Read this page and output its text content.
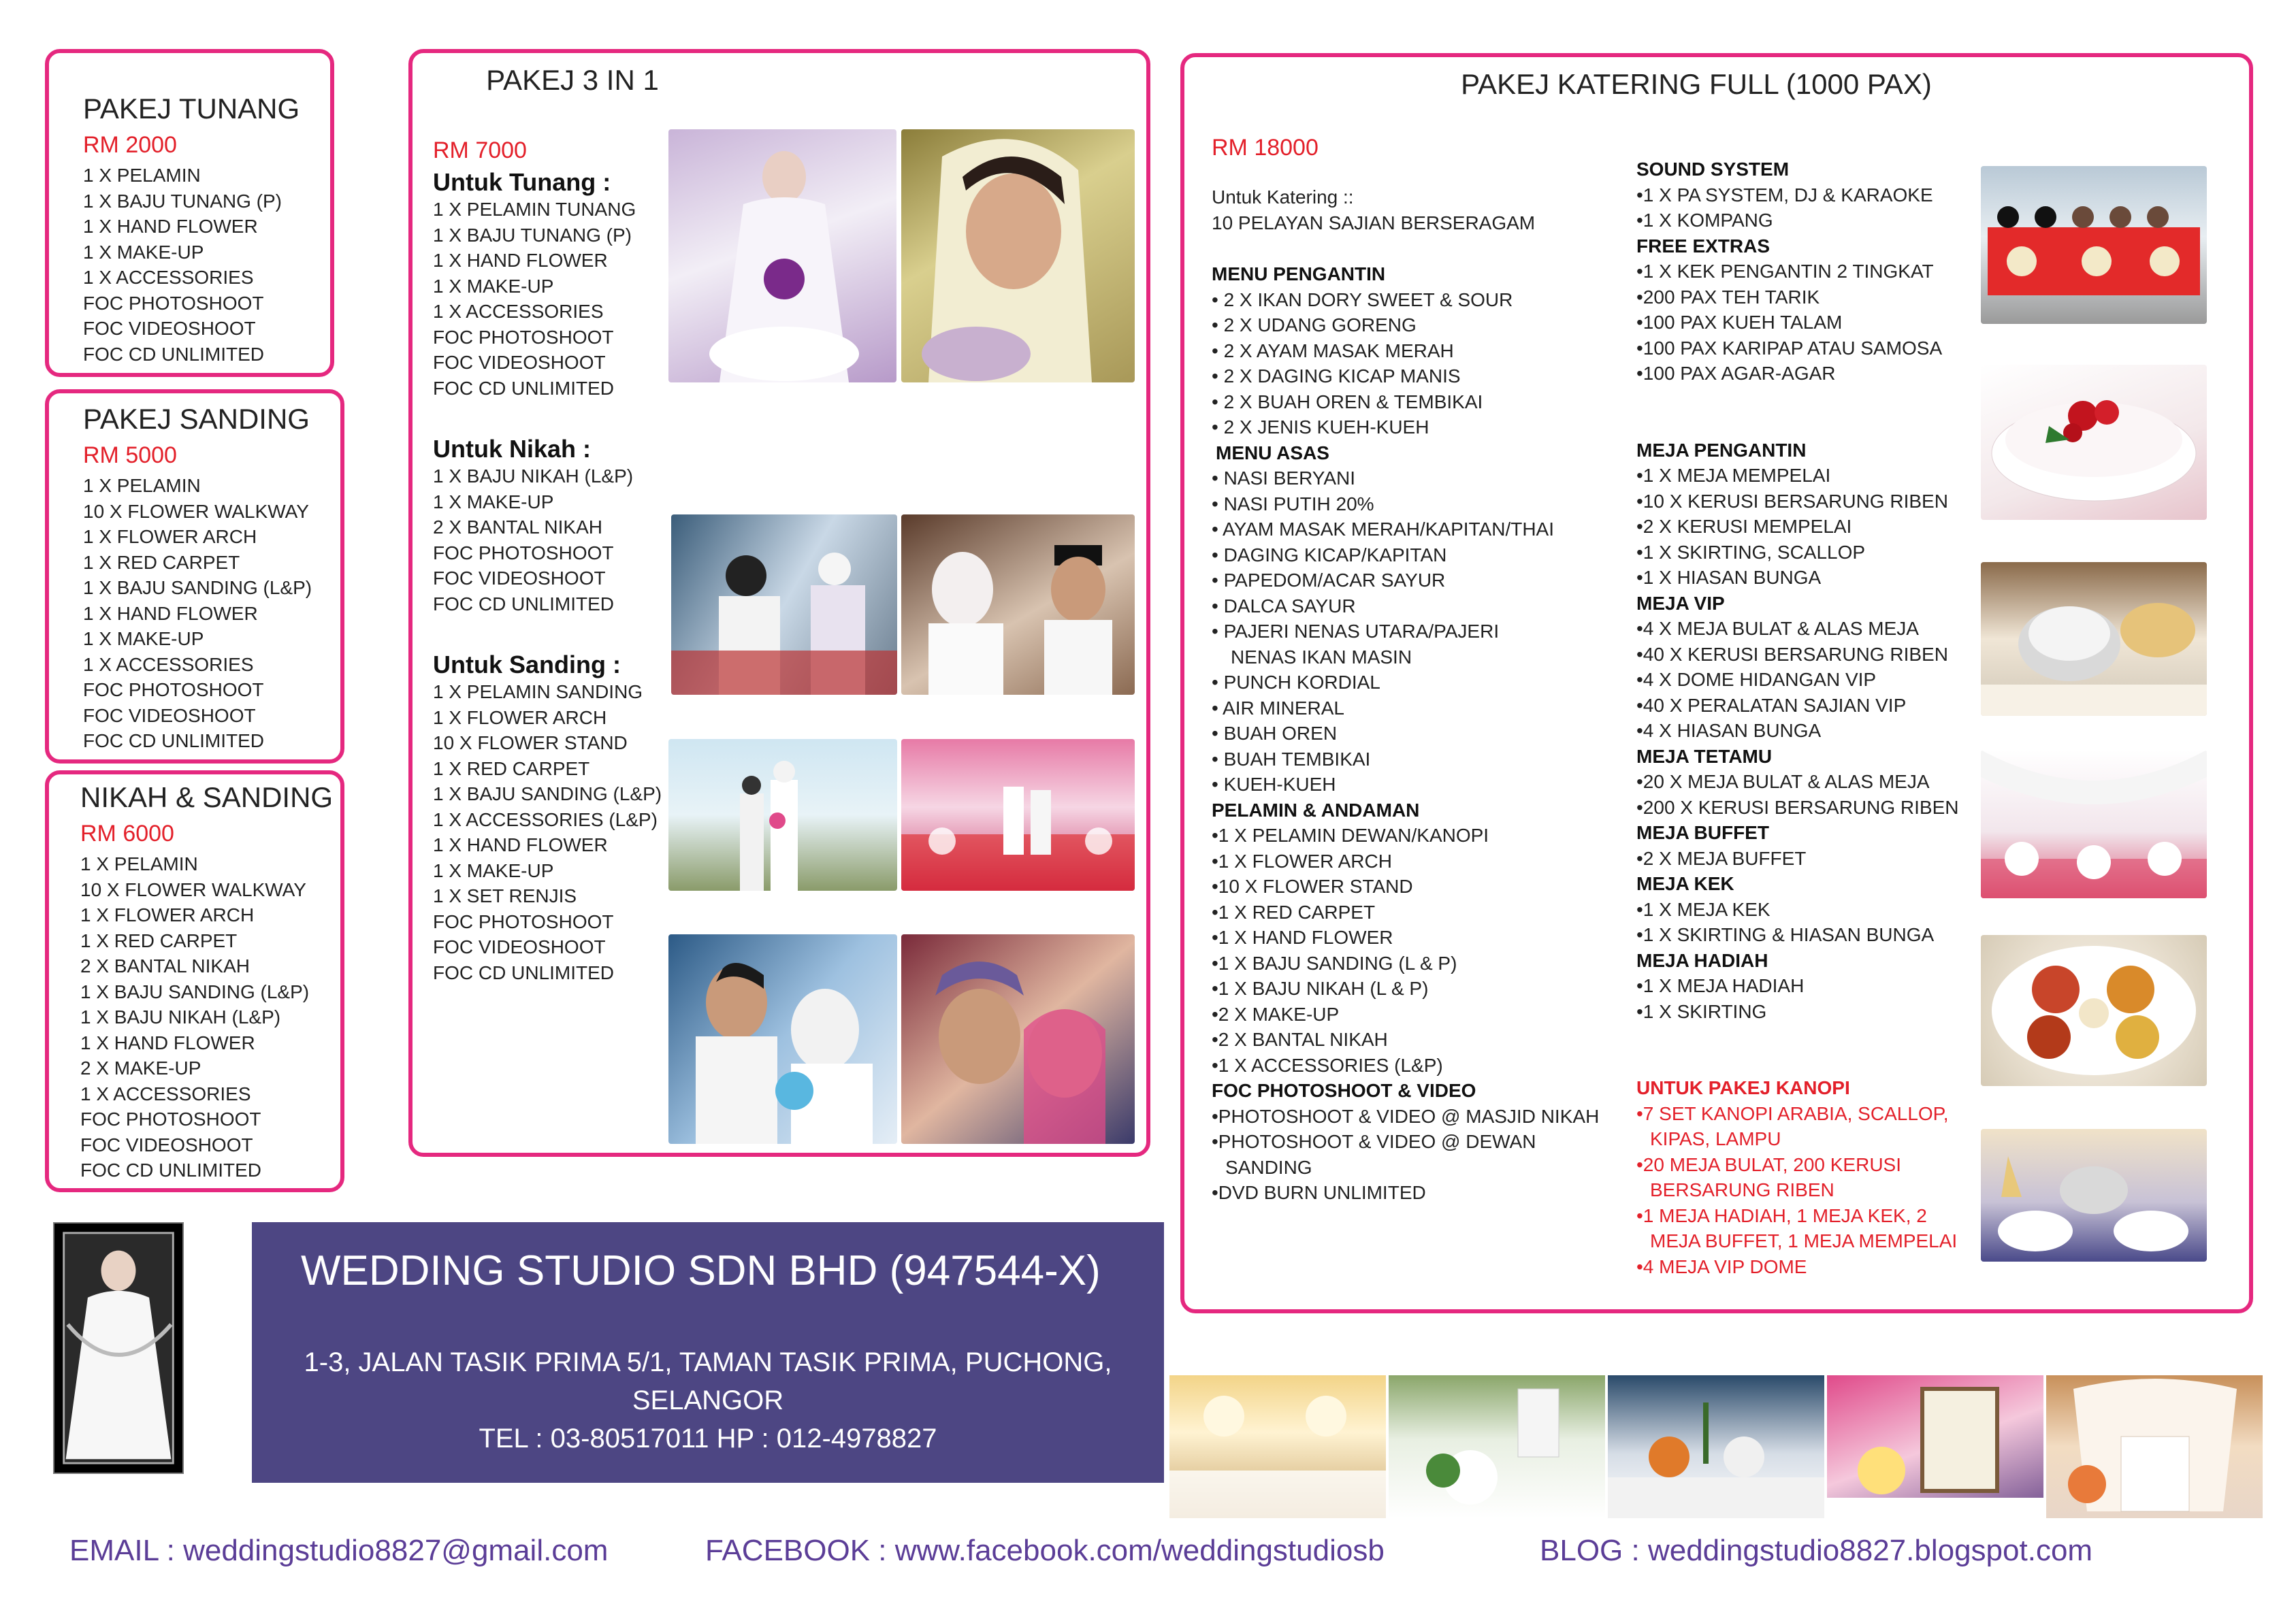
PAKEJ TUNANG
RM 2000
1 X PELAMIN
1 X BAJU TUNANG (P)
1 X HAND FLOWER
1 X MAKE-UP
1 X ACCESSORIES
FOC PHOTOSHOOT
FOC VIDEOSHOOT
FOC CD UNLIMITED
PAKEJ SANDING
RM 5000
1 X PELAMIN
10 X FLOWER WALKWAY
1 X FLOWER ARCH
1 X RED CARPET
1 X BAJU SANDING (L&P)
1 X HAND FLOWER
1 X MAKE-UP
1 X ACCESSORIES
FOC PHOTOSHOOT
FOC VIDEOSHOOT
FOC CD UNLIMITED
NIKAH & SANDING
RM 6000
1 X PELAMIN
10 X FLOWER WALKWAY
1 X FLOWER ARCH
1 X RED CARPET
2 X BANTAL NIKAH
1 X BAJU SANDING (L&P)
1 X BAJU NIKAH (L&P)
1 X HAND FLOWER
2 X MAKE-UP
1 X ACCESSORIES
FOC PHOTOSHOOT
FOC VIDEOSHOOT
FOC CD UNLIMITED
PAKEJ 3 IN 1
RM 7000
Untuk Tunang :
1 X PELAMIN TUNANG
1 X BAJU TUNANG (P)
1 X HAND FLOWER
1 X MAKE-UP
1 X ACCESSORIES
FOC PHOTOSHOOT
FOC VIDEOSHOOT
FOC CD UNLIMITED
Untuk Nikah :
1 X BAJU NIKAH (L&P)
1 X MAKE-UP
2 X BANTAL NIKAH
FOC PHOTOSHOOT
FOC VIDEOSHOOT
FOC CD UNLIMITED
Untuk Sanding :
1 X PELAMIN SANDING
1 X FLOWER ARCH
10 X FLOWER STAND
1 X RED CARPET
1 X BAJU SANDING (L&P)
1 X ACCESSORIES (L&P)
1 X HAND FLOWER
1 X MAKE-UP
1 X SET RENJIS
FOC PHOTOSHOOT
FOC VIDEOSHOOT
FOC CD UNLIMITED
PAKEJ KATERING FULL (1000 PAX)
RM 18000
Untuk Katering ::
10 PELAYAN SAJIAN BERSERAGAM
MENU PENGANTIN
• 2 X IKAN DORY SWEET & SOUR
• 2 X UDANG GORENG
• 2 X AYAM MASAK MERAH
• 2 X DAGING KICAP MANIS
• 2 X BUAH OREN & TEMBIKAI
• 2 X JENIS KUEH-KUEH
MENU ASAS
• NASI BERYANI
• NASI PUTIH 20%
• AYAM MASAK MERAH/KAPITAN/THAI
• DAGING KICAP/KAPITAN
• PAPEDOM/ACAR SAYUR
• DALCA SAYUR
• PAJERI NENAS UTARA/PAJERI
NENAS IKAN MASIN
• PUNCH KORDIAL
• AIR MINERAL
• BUAH OREN
• BUAH TEMBIKAI
• KUEH-KUEH
PELAMIN & ANDAMAN
•1 X PELAMIN DEWAN/KANOPI
•1 X FLOWER ARCH
•10 X FLOWER STAND
•1 X RED CARPET
•1 X HAND FLOWER
•1 X BAJU SANDING (L & P)
•1 X BAJU NIKAH (L & P)
•2 X MAKE-UP
•2 X BANTAL NIKAH
•1 X ACCESSORIES (L&P)
FOC PHOTOSHOOT & VIDEO
•PHOTOSHOOT & VIDEO @ MASJID NIKAH
•PHOTOSHOOT & VIDEO @ DEWAN
SANDING
•DVD BURN UNLIMITED
SOUND SYSTEM
•1 X PA SYSTEM, DJ & KARAOKE
•1 X KOMPANG
FREE EXTRAS
•1 X KEK PENGANTIN 2 TINGKAT
•200 PAX TEH TARIK
•100 PAX KUEH TALAM
•100 PAX KARIPAP ATAU SAMOSA
•100 PAX AGAR-AGAR
MEJA PENGANTIN
•1 X MEJA MEMPELAI
•10 X KERUSI BERSARUNG RIBEN
•2 X KERUSI MEMPELAI
•1 X SKIRTING, SCALLOP
•1 X HIASAN BUNGA
MEJA VIP
•4 X MEJA BULAT & ALAS MEJA
•40 X KERUSI BERSARUNG RIBEN
•4 X DOME HIDANGAN VIP
•40 X PERALATAN SAJIAN VIP
•4 X HIASAN BUNGA
MEJA TETAMU
•20 X MEJA BULAT & ALAS MEJA
•200 X KERUSI BERSARUNG RIBEN
MEJA BUFFET
•2 X MEJA BUFFET
MEJA KEK
•1 X MEJA KEK
•1 X SKIRTING & HIASAN BUNGA
MEJA HADIAH
•1 X MEJA HADIAH
•1 X SKIRTING
UNTUK PAKEJ KANOPI
•7 SET KANOPI ARABIA, SCALLOP,
KIPAS, LAMPU
•20 MEJA BULAT, 200 KERUSI
BERSARUNG RIBEN
•1 MEJA HADIAH, 1 MEJA KEK, 2
MEJA BUFFET, 1 MEJA MEMPELAI
•4 MEJA VIP DOME
WEDDING STUDIO SDN BHD (947544-X)
1-3, JALAN TASIK PRIMA 5/1, TAMAN TASIK PRIMA, PUCHONG,
SELANGOR
TEL : 03-80517011 HP : 012-4978827
EMAIL : weddingstudio8827@gmail.com	FACEBOOK : www.facebook.com/weddingstudiosb	BLOG : weddingstudio8827.blogspot.com
